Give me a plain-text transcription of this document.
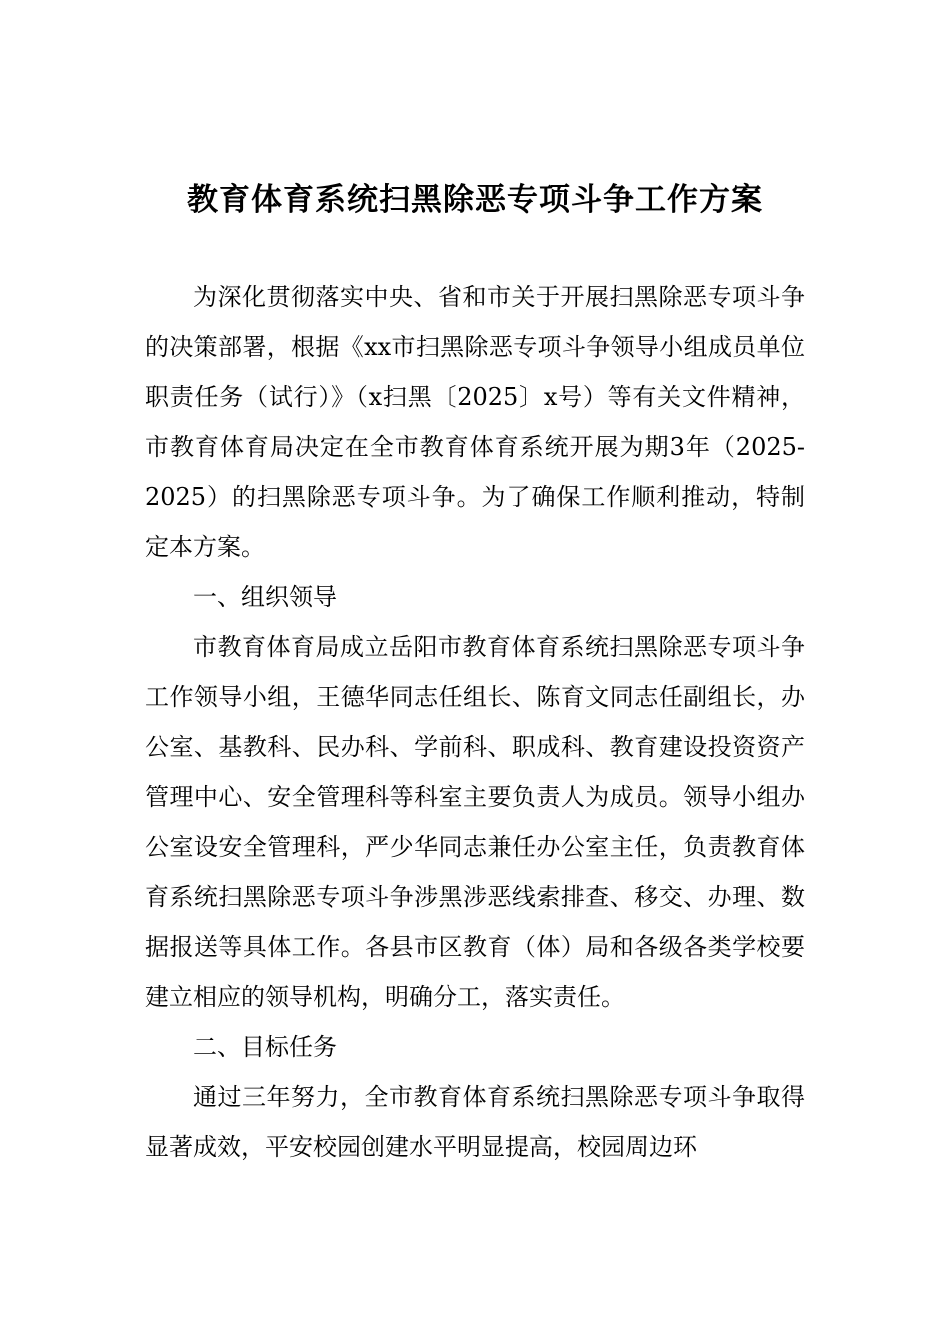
教育体育系统扫黑除恶专项斗争工作方案

为深化贯彻落实中央、省和市关于开展扫黑除恶专项斗争的决策部署，根据《xx市扫黑除恶专项斗争领导小组成员单位职责任务（试行）》（x扫黑〔2025〕x号）等有关文件精神，市教育体育局决定在全市教育体育系统开展为期3年（2025-2025）的扫黑除恶专项斗争。为了确保工作顺利推动，特制定本方案。

一、组织领导

市教育体育局成立岳阳市教育体育系统扫黑除恶专项斗争工作领导小组，王德华同志任组长、陈育文同志任副组长，办公室、基教科、民办科、学前科、职成科、教育建设投资资产管理中心、安全管理科等科室主要负责人为成员。领导小组办公室设安全管理科，严少华同志兼任办公室主任，负责教育体育系统扫黑除恶专项斗争涉黑涉恶线索排查、移交、办理、数据报送等具体工作。各县市区教育（体）局和各级各类学校要建立相应的领导机构，明确分工，落实责任。

二、目标任务

通过三年努力，全市教育体育系统扫黑除恶专项斗争取得显著成效，平安校园创建水平明显提高，校园周边环
